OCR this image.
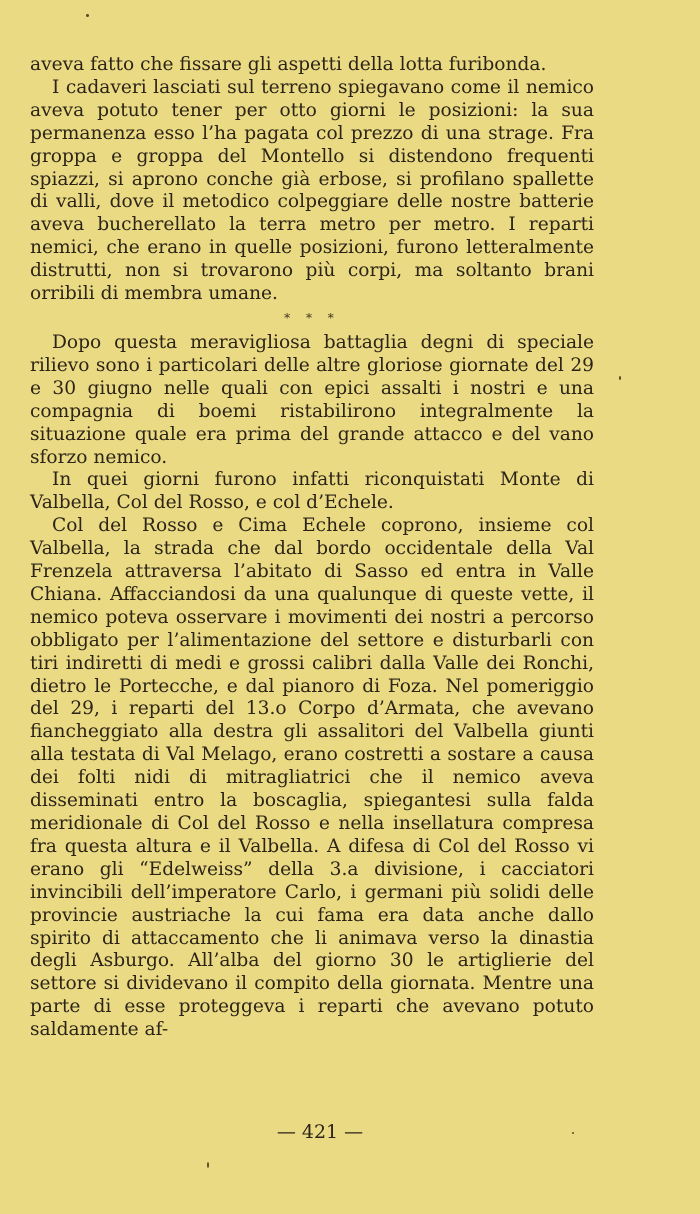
aveva fatto che fissare gli aspetti della lotta furibonda.

I cadaveri lasciati sul terreno spiegavano come il nemico aveva potuto tener per otto giorni le posizioni: la sua permanenza esso l’ha pagata col prezzo di una strage. Fra groppa e groppa del Montello si distendono frequenti spiazzi, si aprono conche già erbose, si profilano spallette di valli, dove il metodico colpeggiare delle nostre batterie aveva bucherellato la terra metro per metro. I reparti nemici, che erano in quelle posizioni, furono letteralmente distrutti, non si trovarono più corpi, ma soltanto brani orribili di membra umane.

* * *

Dopo questa meravigliosa battaglia degni di speciale rilievo sono i particolari delle altre gloriose giornate del 29 e 30 giugno nelle quali con epici assalti i nostri e una compagnia di boemi ristabilirono integralmente la situazione quale era prima del grande attacco e del vano sforzo nemico.

In quei giorni furono infatti riconquistati Monte di Valbella, Col del Rosso, e col d’Echele.

Col del Rosso e Cima Echele coprono, insieme col Valbella, la strada che dal bordo occidentale della Val Frenzela attraversa l’abitato di Sasso ed entra in Valle Chiana. Affacciandosi da una qualunque di queste vette, il nemico poteva osservare i movimenti dei nostri a percorso obbligato per l’alimentazione del settore e disturbarli con tiri indiretti di medi e grossi calibri dalla Valle dei Ronchi, dietro le Portecche, e dal pianoro di Foza. Nel pomeriggio del 29, i reparti del 13.o Corpo d’Armata, che avevano fiancheggiato alla destra gli assalitori del Valbella giunti alla testata di Val Melago, erano costretti a sostare a causa dei folti nidi di mitragliatrici che il nemico aveva disseminati entro la boscaglia, spiegantesi sulla falda meridionale di Col del Rosso e nella insellatura compresa fra questa altura e il Valbella. A difesa di Col del Rosso vi erano gli “Edelweiss” della 3.a divisione, i cacciatori invincibili dell’imperatore Carlo, i germani più solidi delle provincie austriache la cui fama era data anche dallo spirito di attaccamento che li animava verso la dinastia degli Asburgo. All’alba del giorno 30 le artiglierie del settore si dividevano il compito della giornata. Mentre una parte di esse proteggeva i reparti che avevano potuto saldamente af-

— 421 —
